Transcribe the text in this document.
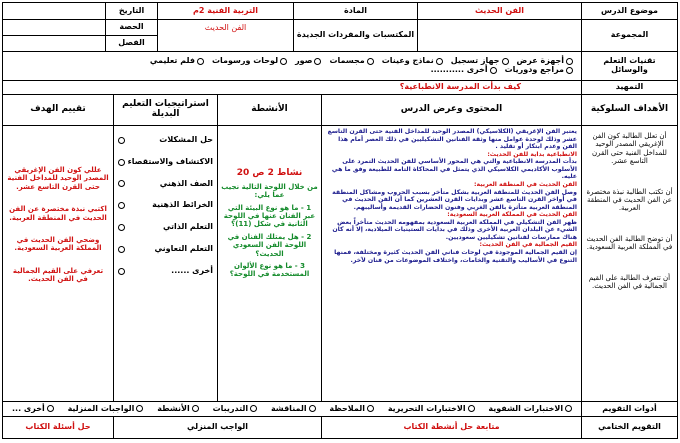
موضوع الدرس
الفن الحديث
المادة
التربية الفنية 2م
التاريخ
المجموعة
المكتسبات والمفردات الجديدة
الفن الحديث
الحصة
الفصل
تقنيات التعلم والوسائل
أجهزة عرض
جهاز تسجيل
نماذج وعينات
مجسمات
صور
لوحات ورسومات
فلم تعليمي
مراجع ودوريات
أخرى ...........
التمهيد
كيف بدأت المدرسة الانطباعية؟
الأهداف السلوكية
أن تعلل الطالبة كون الفن الإغريقي المصدر الوحيد للمداخل الفنية حتى القرن التاسع عشر.
أن تكتب الطالبة نبذة مختصرة عن الفن الحديث في المنطقة العربية.
أن توضح الطالبة الفن الحديث في المملكة العربية السعودية.
أن تتعرف الطالبة على القيم الجمالية في الفن الحديث.
المحتوى وعرض الدرس
يعتبر الفن الإغريقي (الكلاسيكي) المصدر الوحيد للمداخل الفنية حتى القرن التاسع عشر وذلك لوحدة عوامل منها وثقة الفنانين التشكيليين في ذلك العصر أمام هذا الفن وعدم ابتكار أو تقليد .
الانطباعية بداية للفن الحديث:
بدأت المدرسة الانطباعية والتي هي المحور الأساسي للفن الحديث التمرد على الأسلوب الأكاديمي الكلاسيكي الذي يتمثل في المحاكاة التامة للطبيعة وفق ما هي عليه.
الفن الحديث في المنطقة العربية:
وصل الفن الحديث للمنطقة العربية بشكل متأخر بسبب الحروب ومشاكل المنطقة في أواخر القرن التاسع عشر وبدايات القرن العشرين كما أن الفن الحديث في المنطقة العربية متأثرة بالفن الغربي وفنون الحضارات القديمة وأساليبهم.
الفن الحديث في المملكة العربية السعودية:
ظهر الفن التشكيلي في المملكة العربية السعودية بمفهومه الحديث متأخراً بعض الشيء عن البلدان العربية الأخرى وذلك في بدايات الستينيات الميلادية، إلا أنه كان هناك ممارسات لفنانين تشكيليين سعوديين.
القيم الجمالية في الفن الحديث:
إن القيم الجمالية الموجودة في لوحات فناني الفن الحديث كثيرة ومختلفة، فمنها التنوع في الأساليب والتقنية والخامات، واختلاف الموضوعات من فنان لآخر.
الأنشطة
نشاط 2 ص 20
من خلال اللوحة التالية نجيب عما يلي:
1 - ما هو نوع البيئة التي عبر الفنان عنها في اللوحة الثانية في شكل (11)؟
2 - هل يمتلك الفنان في اللوحة الفن السعودي الحديث؟
3 - ما هو نوع الألوان المستخدمة في اللوحة؟
استراتيجيات التعليم البديلة
حل المشكلات
الاكتشاف والاستقصاء
الصف الذهني
الخرائط الذهنية
التعلم الذاتي
التعلم التعاوني
أخرى ......
تقييم الهدف
عللي كون الفن الإغريقي المصدر الوحيد للمداخل الفنية حتى القرن التاسع عشر.
اكتبي نبذة مختصرة عن الفن الحديث في المنطقة العربية.
وضحي الفن الحديث في المملكة العربية السعودية.
تعرفي على القيم الجمالية في الفن الحديث.
أدوات التقويم
الاختبارات الشفوية
الاختبارات التحريرية
الملاحظة
المناقشة
التدريبات
الأنشطة
الواجبات المنزلية
أخرى ...
التقويم الختامي
متابعة حل أنشطة الكتاب
الواجب المنزلي
حل أسئلة الكتاب
